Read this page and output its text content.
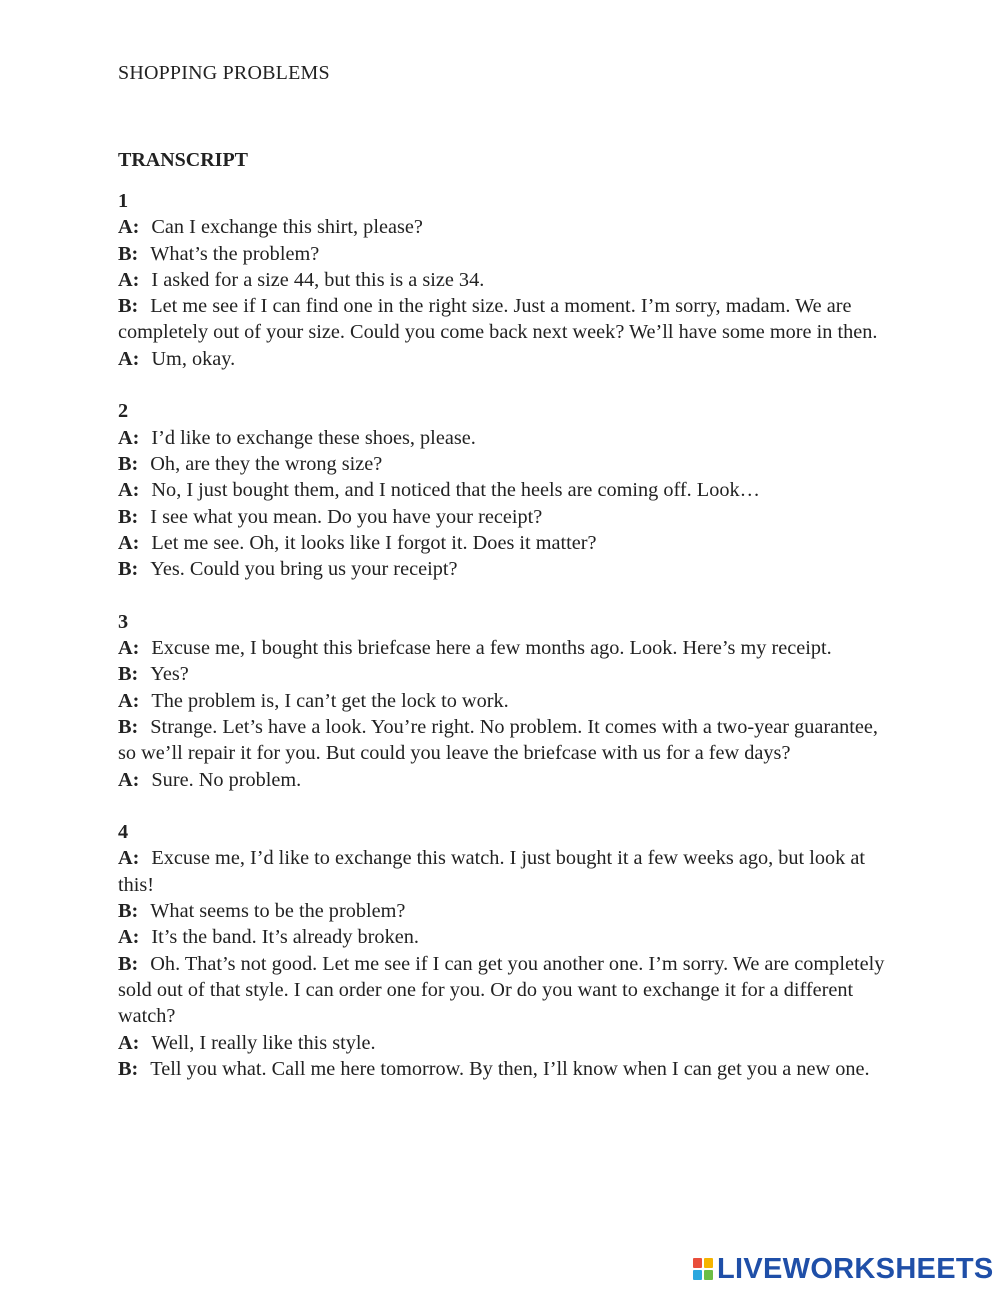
SHOPPING PROBLEMS
TRANSCRIPT
1
A: Can I exchange this shirt, please?
B: What’s the problem?
A: I asked for a size 44, but this is a size 34.
B: Let me see if I can find one in the right size. Just a moment. I’m sorry, madam. We are completely out of your size. Could you come back next week? We’ll have some more in then.
A: Um, okay.
2
A: I’d like to exchange these shoes, please.
B: Oh, are they the wrong size?
A: No, I just bought them, and I noticed that the heels are coming off. Look…
B: I see what you mean. Do you have your receipt?
A: Let me see. Oh, it looks like I forgot it. Does it matter?
B: Yes. Could you bring us your receipt?
3
A: Excuse me, I bought this briefcase here a few months ago. Look. Here’s my receipt.
B: Yes?
A: The problem is, I can’t get the lock to work.
B: Strange. Let’s have a look. You’re right. No problem. It comes with a two-year guarantee, so we’ll repair it for you. But could you leave the briefcase with us for a few days?
A: Sure. No problem.
4
A: Excuse me, I’d like to exchange this watch. I just bought it a few weeks ago, but look at this!
B: What seems to be the problem?
A: It’s the band. It’s already broken.
B: Oh. That’s not good. Let me see if I can get you another one. I’m sorry. We are completely sold out of that style. I can order one for you. Or do you want to exchange it for a different watch?
A: Well, I really like this style.
B: Tell you what. Call me here tomorrow. By then, I’ll know when I can get you a new one.
LIVEWORKSHEETS
